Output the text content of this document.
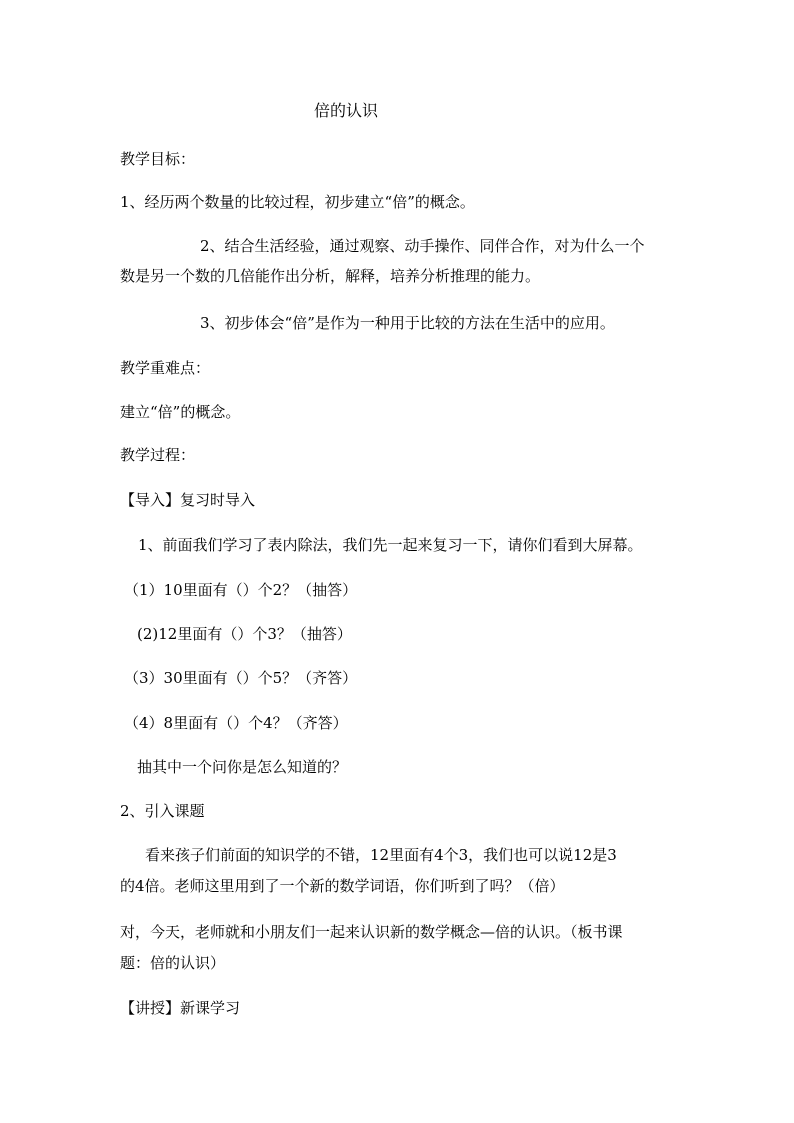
倍的认识
教学目标：
1、经历两个数量的比较过程，初步建立“倍”的概念。
2、结合生活经验，通过观察、动手操作、同伴合作，对为什么一个
数是另一个数的几倍能作出分析，解释，培养分析推理的能力。
3、初步体会“倍”是作为一种用于比较的方法在生活中的应用。
教学重难点：
建立“倍”的概念。
教学过程：
【导入】复习时导入
1、前面我们学习了表内除法，我们先一起来复习一下，请你们看到大屏幕。
（1）10里面有（）个2？（抽答）
(2)12里面有（）个3？（抽答）
（3）30里面有（）个5？（齐答）
（4）8里面有（）个4？（齐答）
抽其中一个问你是怎么知道的？
2、引入课题
看来孩子们前面的知识学的不错，12里面有4个3，我们也可以说12是3
的4倍。老师这里用到了一个新的数学词语，你们听到了吗？（倍）
对，今天，老师就和小朋友们一起来认识新的数学概念—倍的认识。（板书课
题：倍的认识）
【讲授】新课学习
